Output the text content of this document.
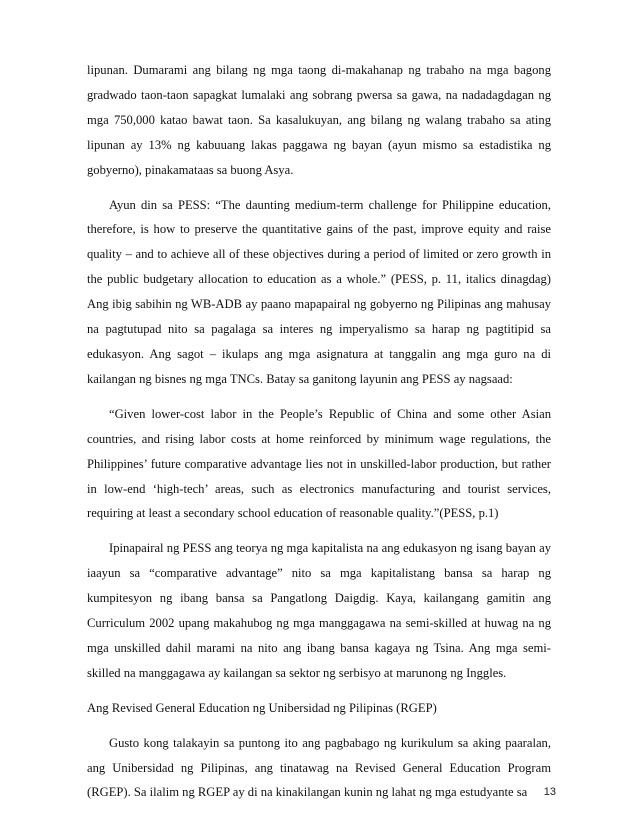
lipunan. Dumarami ang bilang ng mga taong di-makahanap ng trabaho na mga bagong gradwado taon-taon sapagkat lumalaki ang sobrang pwersa sa gawa, na nadadagdagan ng mga 750,000 katao bawat taon. Sa kasalukuyan, ang bilang ng walang trabaho sa ating lipunan ay 13% ng kabuuang lakas paggawa ng bayan (ayun mismo sa estadistika ng gobyerno), pinakamataas sa buong Asya.

Ayun din sa PESS: “The daunting medium-term challenge for Philippine education, therefore, is how to preserve the quantitative gains of the past, improve equity and raise quality – and to achieve all of these objectives during a period of limited or zero growth in the public budgetary allocation to education as a whole.” (PESS, p. 11, italics dinagdag) Ang ibig sabihin ng WB-ADB ay paano mapapairal ng gobyerno ng Pilipinas ang mahusay na pagtutupad nito sa pagalaga sa interes ng imperyalismo sa harap ng pagtitipid sa edukasyon. Ang sagot – ikulaps ang mga asignatura at tanggalin ang mga guro na di kailangan ng bisnes ng mga TNCs. Batay sa ganitong layunin ang PESS ay nagsaad:

“Given lower-cost labor in the People’s Republic of China and some other Asian countries, and rising labor costs at home reinforced by minimum wage regulations, the Philippines’ future comparative advantage lies not in unskilled-labor production, but rather in low-end ‘high-tech’ areas, such as electronics manufacturing and tourist services, requiring at least a secondary school education of reasonable quality.”(PESS, p.1)

Ipinapairal ng PESS ang teorya ng mga kapitalista na ang edukasyon ng isang bayan ay iaayun sa “comparative advantage” nito sa mga kapitalistang bansa sa harap ng kumpitesyon ng ibang bansa sa Pangatlong Daigdig. Kaya, kailangang gamitin ang Curriculum 2002 upang makahubog ng mga manggagawa na semi-skilled at huwag na ng mga unskilled dahil marami na nito ang ibang bansa kagaya ng Tsina. Ang mga semi-skilled na manggagawa ay kailangan sa sektor ng serbisyo at marunong ng Inggles.

Ang Revised General Education ng Unibersidad ng Pilipinas (RGEP)

Gusto kong talakayin sa puntong ito ang pagbabago ng kurikulum sa aking paaralan, ang Unibersidad ng Pilipinas, ang tinatawag na Revised General Education Program (RGEP). Sa ilalim ng RGEP ay di na kinakilangan kunin ng lahat ng mga estudyante sa	13
